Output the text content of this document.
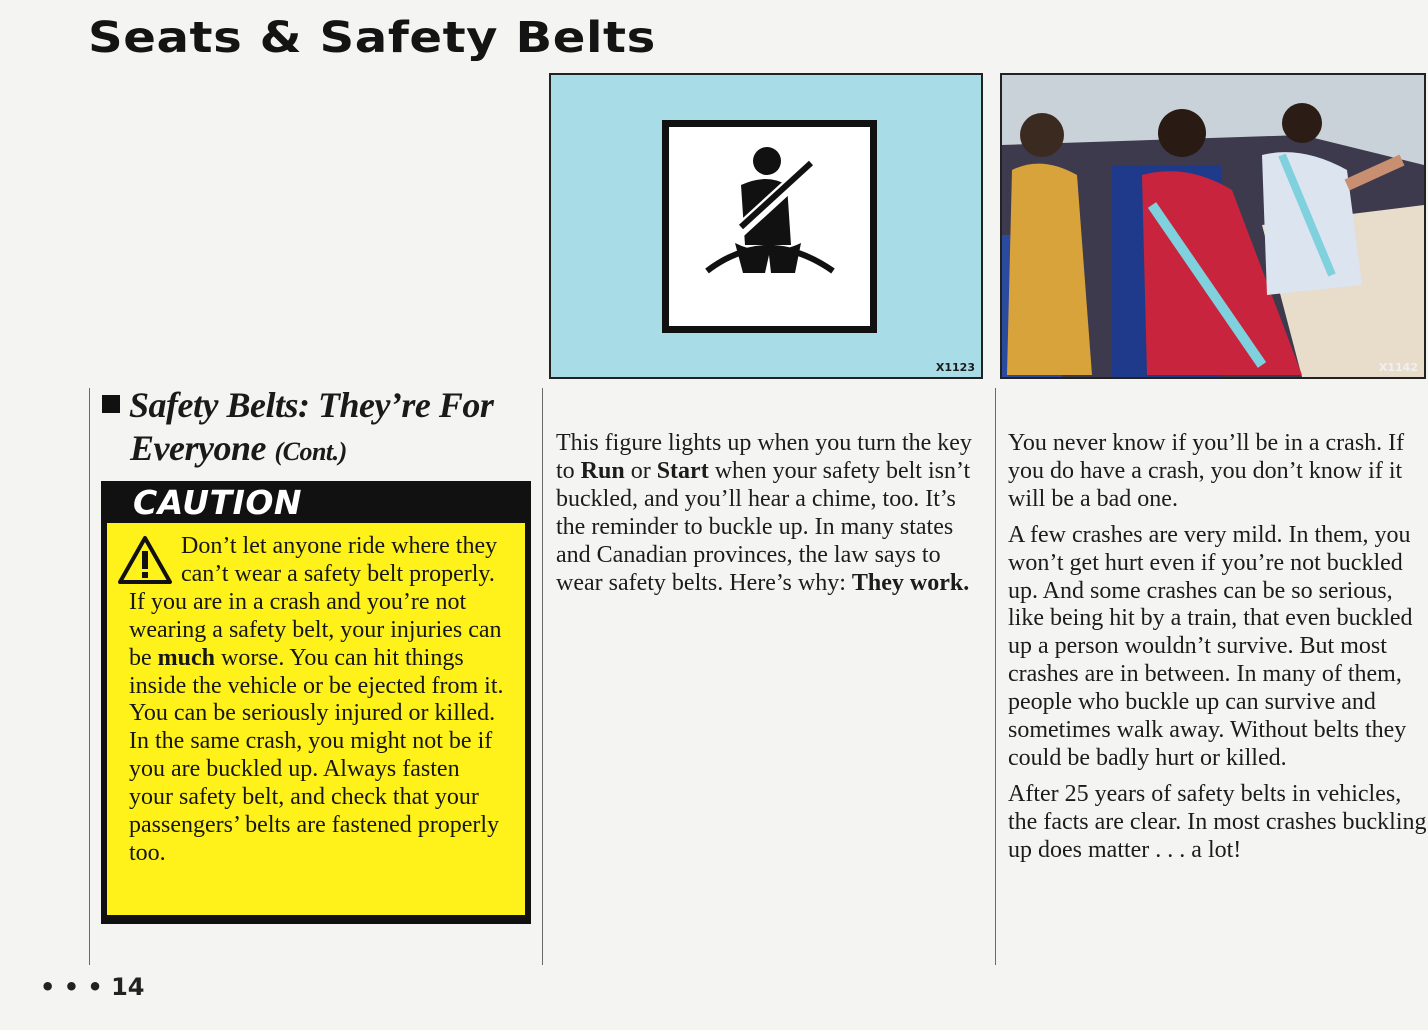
Seats & Safety Belts
X1123	X1142
Safety Belts: They’re For
Everyone (Cont.)
CAUTION

Don’t let anyone ride where they can’t wear a safety belt properly. If you are in a crash and you’re not wearing a safety belt, your injuries can be much worse. You can hit things inside the vehicle or be ejected from it. You can be seriously injured or killed. In the same crash, you might not be if you are buckled up. Always fasten your safety belt, and check that your passengers’ belts are fastened properly too.

This figure lights up when you turn the key to Run or Start when your safety belt isn’t buckled, and you’ll hear a chime, too. It’s the reminder to buckle up. In many states and Canadian provinces, the law says to wear safety belts. Here’s why: They work.

You never know if you’ll be in a crash. If you do have a crash, you don’t know if it will be a bad one.

A few crashes are very mild. In them, you won’t get hurt even if you’re not buckled up. And some crashes can be so serious, like being hit by a train, that even buckled up a person wouldn’t survive. But most crashes are in between. In many of them, people who buckle up can survive and sometimes walk away. Without belts they could be badly hurt or killed.

After 25 years of safety belts in vehicles, the facts are clear. In most crashes buckling up does matter . . . a lot!

• • • 14
